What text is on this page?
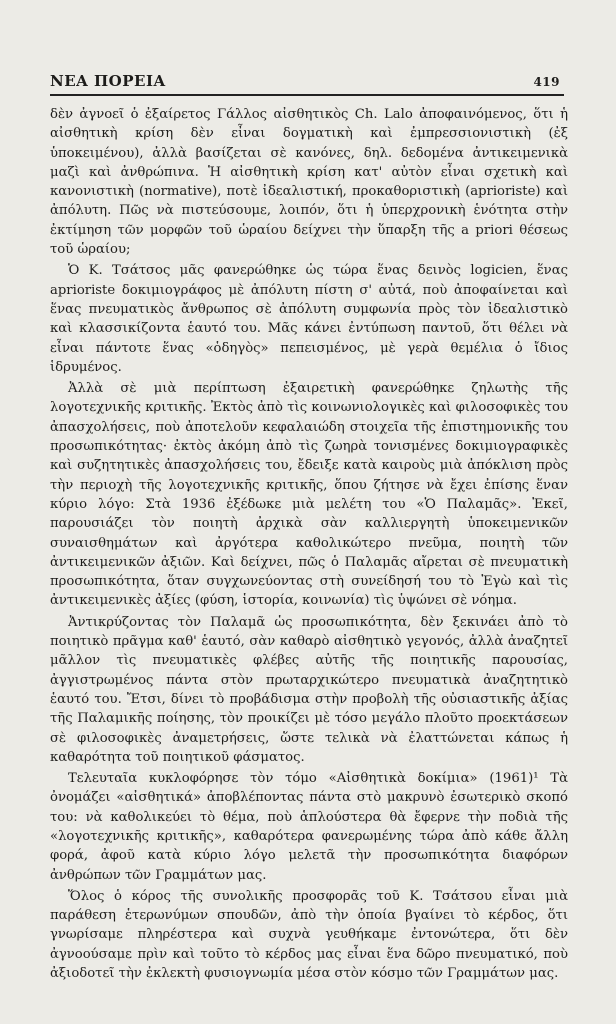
ΝΕΑ ΠΟΡΕΙΑ	419

δὲν ἀγνοεῖ ὁ ἐξαίρετος Γάλλος αἰσθητικὸς Ch. Lalo ἀποφαινόμενος, ὅτι ἡ αἰσθητικὴ κρίση δὲν εἶναι δογματικὴ καὶ ἐμπρεσσιονιστικὴ (ἐξ ὑποκειμένου), ἀλλὰ βασίζεται σὲ κανόνες, δηλ. δεδομένα ἀντικειμενικὰ μαζὶ καὶ ἀνθρώπινα. Ἡ αἰσθητικὴ κρίση κατ' αὐτὸν εἶναι σχετικὴ καὶ κανονιστικὴ (normative), ποτὲ ἰδεαλιστική, προκαθοριστικὴ (aprioriste) καὶ ἀπόλυτη. Πῶς νὰ πιστεύσουμε, λοιπόν, ὅτι ἡ ὑπερχρονικὴ ἑνότητα στὴν ἐκτίμηση τῶν μορφῶν τοῦ ὡραίου δείχνει τὴν ὕπαρξη τῆς a priori θέσεως τοῦ ὡραίου;

Ὁ Κ. Τσάτσος μᾶς φανερώθηκε ὡς τώρα ἕνας δεινὸς logicien, ἕνας aprioriste δοκιμιογράφος μὲ ἀπόλυτη πίστη σ' αὐτά, ποὺ ἀποφαίνεται καὶ ἕνας πνευματικὸς ἄνθρωπος σὲ ἀπόλυτη συμφωνία πρὸς τὸν ἰδεαλιστικὸ καὶ κλασσικίζοντα ἑαυτό του. Μᾶς κάνει ἐντύπωση παντοῦ, ὅτι θέλει νὰ εἶναι πάντοτε ἕνας «ὁδηγὸς» πεπεισμένος, μὲ γερὰ θεμέλια ὁ ἴδιος ἱδρυμένος.

Ἀλλὰ σὲ μιὰ περίπτωση ἐξαιρετικὴ φανερώθηκε ζηλωτὴς τῆς λογοτεχνικῆς κριτικῆς. Ἐκτὸς ἀπὸ τὶς κοινωνιολογικὲς καὶ φιλοσοφικὲς του ἀπασχολήσεις, ποὺ ἀποτελοῦν κεφαλαιώδη στοιχεῖα τῆς ἐπιστημονικῆς του προσωπικότητας· ἐκτὸς ἀκόμη ἀπὸ τὶς ζωηρὰ τονισμένες δοκιμιογραφικὲς καὶ συζητητικὲς ἀπασχολήσεις του, ἔδειξε κατὰ καιροὺς μιὰ ἀπόκλιση πρὸς τὴν περιοχὴ τῆς λογοτεχνικῆς κριτικῆς, ὅπου ζήτησε νὰ ἔχει ἐπίσης ἕναν κύριο λόγο: Στὰ 1936 ἐξέδωκε μιὰ μελέτη του «Ὁ Παλαμᾶς». Ἐκεῖ, παρουσιάζει τὸν ποιητὴ ἀρχικὰ σὰν καλλιεργητὴ ὑποκειμενικῶν συναισθημάτων καὶ ἀργότερα καθολικώτερο πνεῦμα, ποιητὴ τῶν ἀντικειμενικῶν ἀξιῶν. Καὶ δείχνει, πῶς ὁ Παλαμᾶς αἴρεται σὲ πνευματικὴ προσωπικότητα, ὅταν συγχωνεύοντας στὴ συνείδησή του τὸ Ἐγὼ καὶ τὶς ἀντικειμενικὲς ἀξίες (φύση, ἱστορία, κοινωνία) τὶς ὑψώνει σὲ νόημα.

Ἀντικρύζοντας τὸν Παλαμᾶ ὡς προσωπικότητα, δὲν ξεκινάει ἀπὸ τὸ ποιητικὸ πρᾶγμα καθ' ἑαυτό, σὰν καθαρὸ αἰσθητικὸ γεγονός, ἀλλὰ ἀναζητεῖ μᾶλλον τὶς πνευματικὲς φλέβες αὐτῆς τῆς ποιητικῆς παρουσίας, ἀγγιστρωμένος πάντα στὸν πρωταρχικώτερο πνευματικὰ ἀναζητητικὸ ἑαυτό του. Ἔτσι, δίνει τὸ προβάδισμα στὴν προβολὴ τῆς οὐσιαστικῆς ἀξίας τῆς Παλαμικῆς ποίησης, τὸν προικίζει μὲ τόσο μεγάλο πλοῦτο προεκτάσεων σὲ φιλοσοφικὲς ἀναμετρήσεις, ὥστε τελικὰ νὰ ἐλαττώνεται κάπως ἡ καθαρότητα τοῦ ποιητικοῦ φάσματος.

Τελευταῖα κυκλοφόρησε τὸν τόμο «Αἰσθητικὰ δοκίμια» (1961)¹ Τὰ ὀνομάζει «αἰσθητικά» ἀποβλέποντας πάντα στὸ μακρυνὸ ἐσωτερικὸ σκοπό του: νὰ καθολικεύει τὸ θέμα, ποὺ ἁπλούστερα θὰ ἔφερνε τὴν ποδιὰ τῆς «λογοτεχνικῆς κριτικῆς», καθαρότερα φανερωμένης τώρα ἀπὸ κάθε ἄλλη φορά, ἀφοῦ κατὰ κύριο λόγο μελετᾶ τὴν προσωπικότητα διαφόρων ἀνθρώπων τῶν Γραμμάτων μας.

Ὅλος ὁ κόρος τῆς συνολικῆς προσφορᾶς τοῦ Κ. Τσάτσου εἶναι μιὰ παράθεση ἑτερωνύμων σπουδῶν, ἀπὸ τὴν ὁποία βγαίνει τὸ κέρδος, ὅτι γνωρίσαμε πληρέστερα καὶ συχνὰ γευθήκαμε ἐντονώτερα, ὅτι δὲν ἀγνοούσαμε πρὶν καὶ τοῦτο τὸ κέρδος μας εἶναι ἕνα δῶρο πνευματικό, ποὺ ἀξιοδοτεῖ τὴν ἐκλεκτὴ φυσιογνωμία μέσα στὸν κόσμο τῶν Γραμμάτων μας.
